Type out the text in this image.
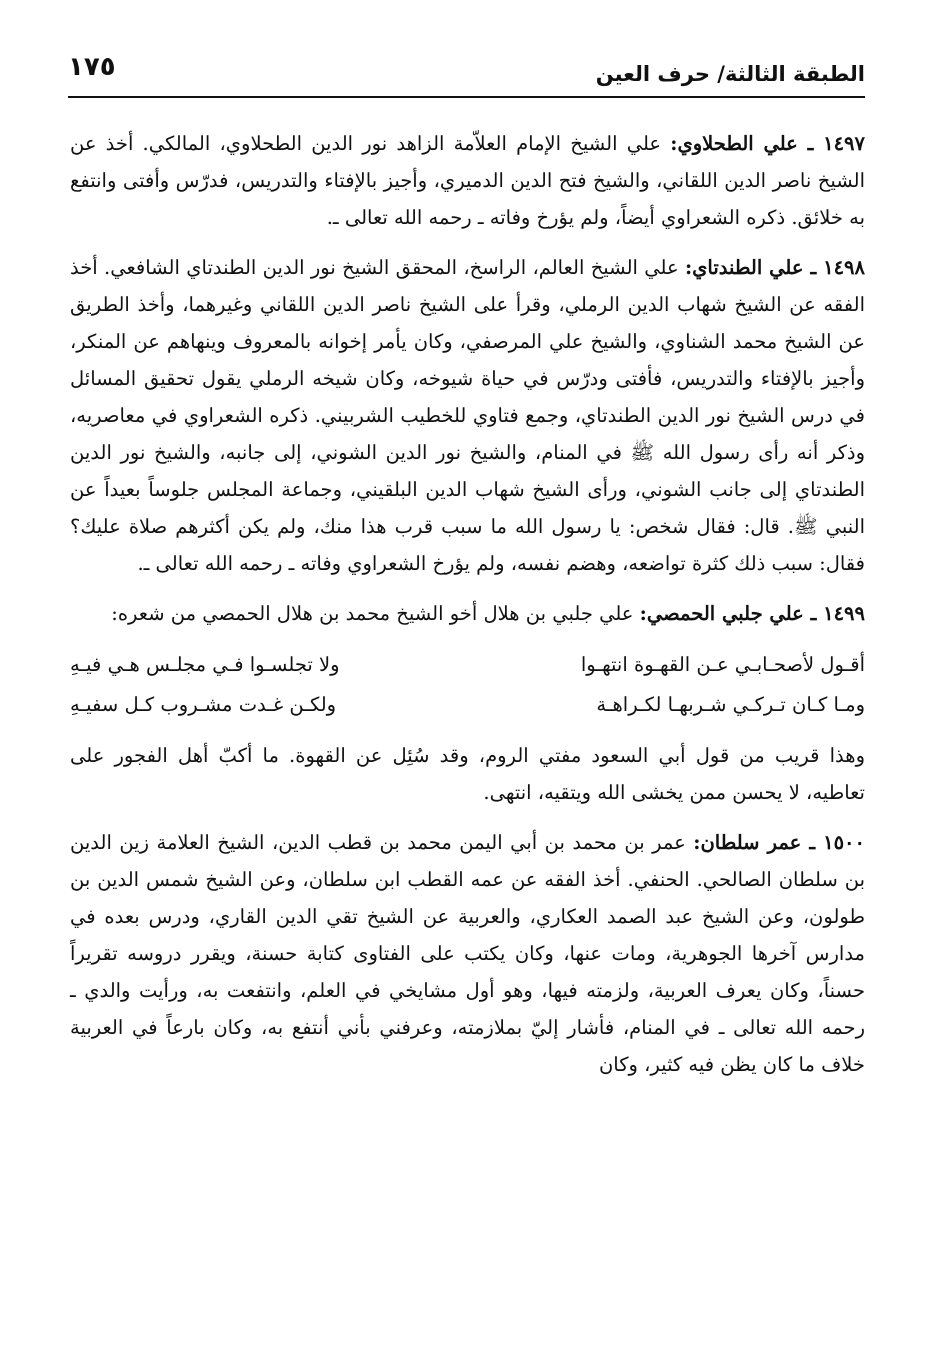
١٧٥	الطبقة الثالثة/ حرف العين

١٤٩٧ ـ علي الطحلاوي: علي الشيخ الإمام العلاّمة الزاهد نور الدين الطحلاوي، المالكي. أخذ عن الشيخ ناصر الدين اللقاني، والشيخ فتح الدين الدميري، وأجيز بالإفتاء والتدريس، فدرّس وأفتى وانتفع به خلائق. ذكره الشعراوي أيضاً، ولم يؤرخ وفاته ـ رحمه الله تعالى ـ.

١٤٩٨ ـ علي الطندتاي: علي الشيخ العالم، الراسخ، المحقق الشيخ نور الدين الطندتاي الشافعي. أخذ الفقه عن الشيخ شهاب الدين الرملي، وقرأ على الشيخ ناصر الدين اللقاني وغيرهما، وأخذ الطريق عن الشيخ محمد الشناوي، والشيخ علي المرصفي، وكان يأمر إخوانه بالمعروف وينهاهم عن المنكر، وأجيز بالإفتاء والتدريس، فأفتى ودرّس في حياة شيوخه، وكان شيخه الرملي يقول تحقيق المسائل في درس الشيخ نور الدين الطندتاي، وجمع فتاوي للخطيب الشربيني. ذكره الشعراوي في معاصريه، وذكر أنه رأى رسول الله ﷺ في المنام، والشيخ نور الدين الشوني، إلى جانبه، والشيخ نور الدين الطندتاي إلى جانب الشوني، ورأى الشيخ شهاب الدين البلقيني، وجماعة المجلس جلوساً بعيداً عن النبي ﷺ. قال: فقال شخص: يا رسول الله ما سبب قرب هذا منك، ولم يكن أكثرهم صلاة عليك؟ فقال: سبب ذلك كثرة تواضعه، وهضم نفسه، ولم يؤرخ الشعراوي وفاته ـ رحمه الله تعالى ـ.

١٤٩٩ ـ علي جلبي الحمصي: علي جلبي بن هلال أخو الشيخ محمد بن هلال الحمصي من شعره:

أقـول لأصحـابـي عـن القهـوة انتهـوا
ولا تجلسـوا فـي مجلـس هـي فيـهِ
ومـا كـان تـركـي شـربهـا لكـراهـة
ولكـن غـدت مشـروب كـل سفيـهِ

وهذا قريب من قول أبي السعود مفتي الروم، وقد سُئِل عن القهوة. ما أكبّ أهل الفجور على تعاطيه، لا يحسن ممن يخشى الله ويتقيه، انتهى.

١٥٠٠ ـ عمر سلطان: عمر بن محمد بن أبي اليمن محمد بن قطب الدين، الشيخ العلامة زين الدين بن سلطان الصالحي. الحنفي. أخذ الفقه عن عمه القطب ابن سلطان، وعن الشيخ شمس الدين بن طولون، وعن الشيخ عبد الصمد العكاري، والعربية عن الشيخ تقي الدين القاري، ودرس بعده في مدارس آخرها الجوهرية، ومات عنها، وكان يكتب على الفتاوى كتابة حسنة، ويقرر دروسه تقريراً حسناً، وكان يعرف العربية، ولزمته فيها، وهو أول مشايخي في العلم، وانتفعت به، ورأيت والدي ـ رحمه الله تعالى ـ في المنام، فأشار إليّ بملازمته، وعرفني بأني أنتفع به، وكان بارعاً في العربية خلاف ما كان يظن فيه كثير، وكان
